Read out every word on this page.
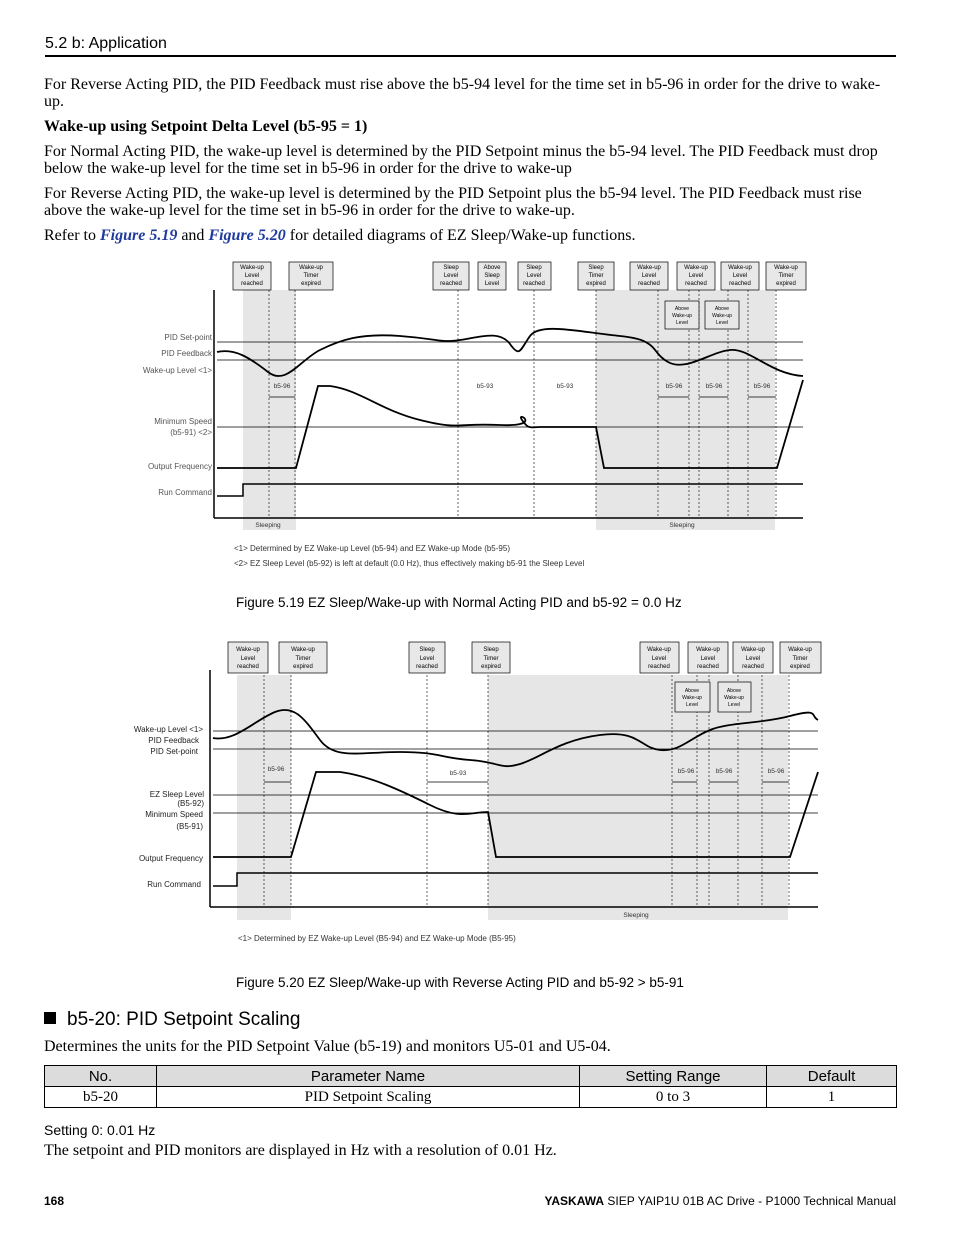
5.2 b: Application
For Reverse Acting PID, the PID Feedback must rise above the b5-94 level for the time set in b5-96 in order for the drive to wake-up.
Wake-up using Setpoint Delta Level (b5-95 = 1)
For Normal Acting PID, the wake-up level is determined by the PID Setpoint minus the b5-94 level. The PID Feedback must drop below the wake-up level for the time set in b5-96 in order for the drive to wake-up
For Reverse Acting PID, the wake-up level is determined by the PID Setpoint plus the b5-94 level. The PID Feedback must rise above the wake-up level for the time set in b5-96 in order for the drive to wake-up.
Refer to Figure 5.19 and Figure 5.20 for detailed diagrams of EZ Sleep/Wake-up functions.
PID Set-point
PID Feedback
Wake-up Level <1>
Minimum Speed
(b5-91) <2>
Output Frequency
Run Command
b5-96	b5-93	b5-93	b5-96	b5-96	b5-96
Sleeping	Sleeping
Wake-up
Level
reached
Wake-up
Timer
expired
Sleep
Level
reached
Above
Sleep
Level
Sleep
Level
reached
Sleep
Timer
expired
Wake-up
Level
reached
Wake-up
Level
reached
Wake-up
Level
reached
Wake-up
Timer
expired
Above
Wake-up
Level
Above
Wake-up
Level
<1> Determined by EZ Wake-up Level (b5-94) and EZ Wake-up Mode (b5-95)
<2> EZ Sleep Level (b5-92) is left at default (0.0 Hz), thus effectively making b5-91 the Sleep Level
Figure 5.19 EZ Sleep/Wake-up with Normal Acting PID and b5-92 = 0.0 Hz
Wake-up Level <1>
PID Feedback
PID Set-point
EZ Sleep Level
(B5-92)
Minimum Speed
(B5-91)
Output Frequency
Run Command
b5-96
b5-93	b5-96	b5-96	b5-96
Sleeping
Wake-up
Level
reached
Wake-up
Timer
expired
Sleep
Level
reached
Sleep
Timer
expired
Wake-up
Level
reached
Wake-up
Level
reached
Wake-up
Level
reached
Wake-up
Timer
expired
Above
Wake-up
Level
Above
Wake-up
Level
<1> Determined by EZ Wake-up Level (B5-94) and EZ Wake-up Mode (B5-95)
Figure 5.20 EZ Sleep/Wake-up with Reverse Acting PID and b5-92 > b5-91
b5-20: PID Setpoint Scaling
Determines the units for the PID Setpoint Value (b5-19) and monitors U5-01 and U5-04.
No.	Parameter Name	Setting Range	Default
b5-20	PID Setpoint Scaling	0 to 3	1
Setting 0: 0.01 Hz
The setpoint and PID monitors are displayed in Hz with a resolution of 0.01 Hz.
168	YASKAWA SIEP YAIP1U 01B AC Drive - P1000 Technical Manual
